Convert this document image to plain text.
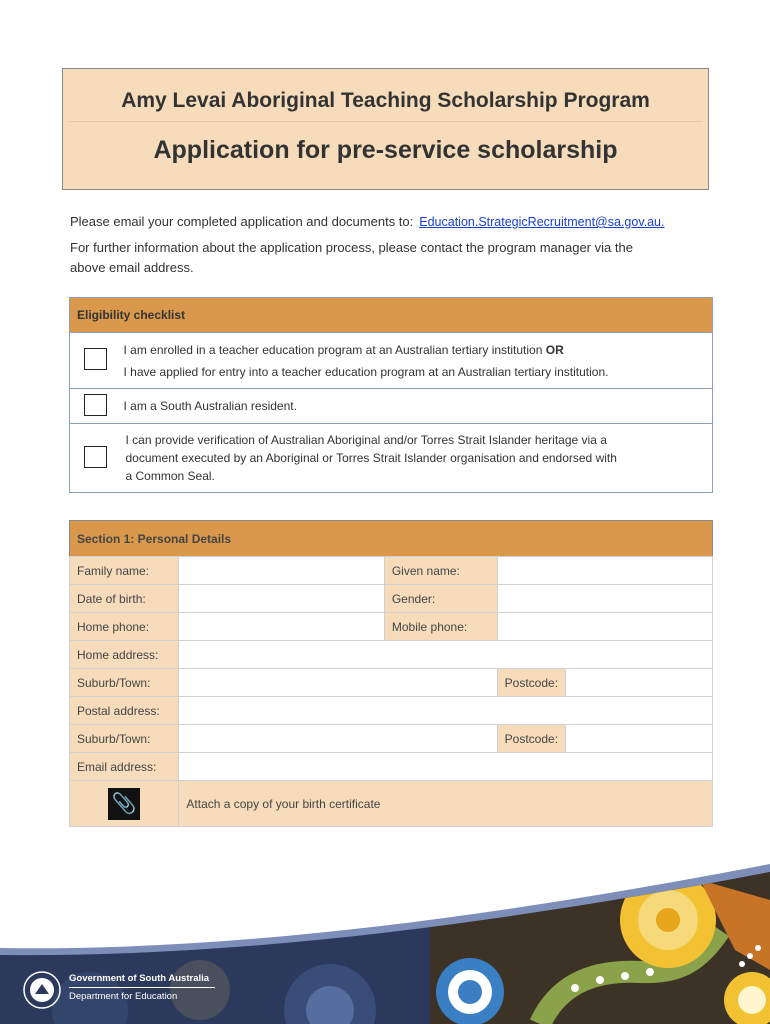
Amy Levai Aboriginal Teaching Scholarship Program
Application for pre-service scholarship
Please email your completed application and documents to: Education.StrategicRecruitment@sa.gov.au.
For further information about the application process, please contact the program manager via the
above email address.
Eligibility checklist	

	I am enrolled in a teacher education program at an Australian tertiary institution OR
I have applied for entry into a teacher education program at an Australian tertiary institution.

	I am a South Australian resident.

	I can provide verification of Australian Aboriginal and/or Torres Strait Islander heritage via a
document executed by an Aboriginal or Torres Strait Islander organisation and endorsed with
a Common Seal.
Section 1: Personal Details				
Family name:		Given name:		
Date of birth:		Gender:		
Home phone:		Mobile phone:		
Home address:				
Suburb/Town:			Postcode:	
Postal address:				
Suburb/Town:			Postcode:	
Email address:				
📎	Attach a copy of your birth certificate			
Government of South Australia
Department for Education
